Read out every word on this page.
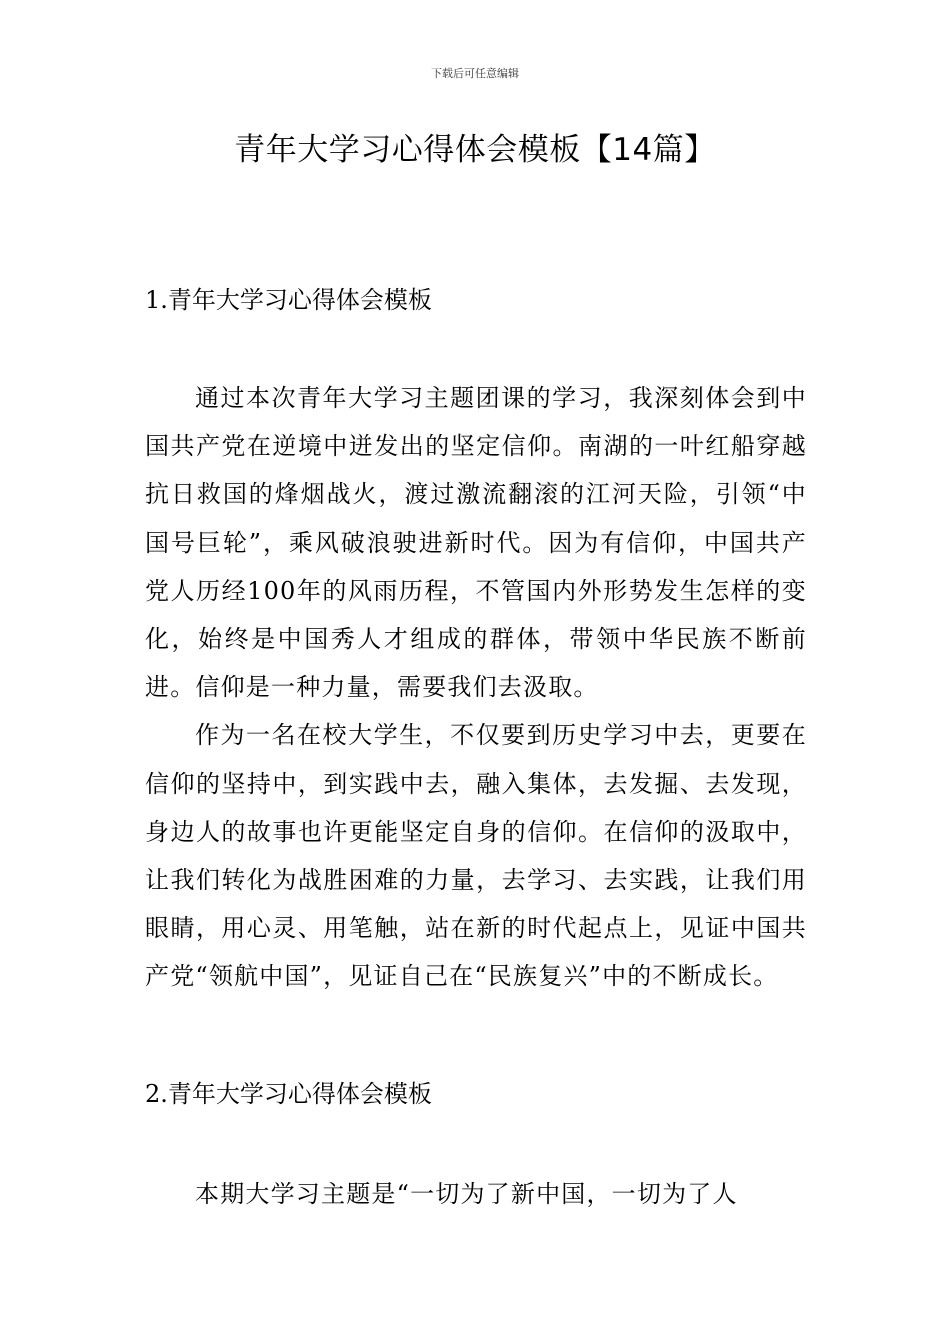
下载后可任意编辑
青年大学习心得体会模板【14篇】
1.青年大学习心得体会模板

通过本次青年大学习主题团课的学习，我深刻体会到中国共产党在逆境中迸发出的坚定信仰。南湖的一叶红船穿越抗日救国的烽烟战火，渡过激流翻滚的江河天险，引领“中国号巨轮”，乘风破浪驶进新时代。因为有信仰，中国共产党人历经100年的风雨历程，不管国内外形势发生怎样的变化，始终是中国秀人才组成的群体，带领中华民族不断前进。信仰是一种力量，需要我们去汲取。

作为一名在校大学生，不仅要到历史学习中去，更要在信仰的坚持中，到实践中去，融入集体，去发掘、去发现，身边人的故事也许更能坚定自身的信仰。在信仰的汲取中，让我们转化为战胜困难的力量，去学习、去实践，让我们用眼睛，用心灵、用笔触，站在新的时代起点上，见证中国共产党“领航中国”，见证自己在“民族复兴”中的不断成长。

2.青年大学习心得体会模板

本期大学习主题是“一切为了新中国，一切为了人
